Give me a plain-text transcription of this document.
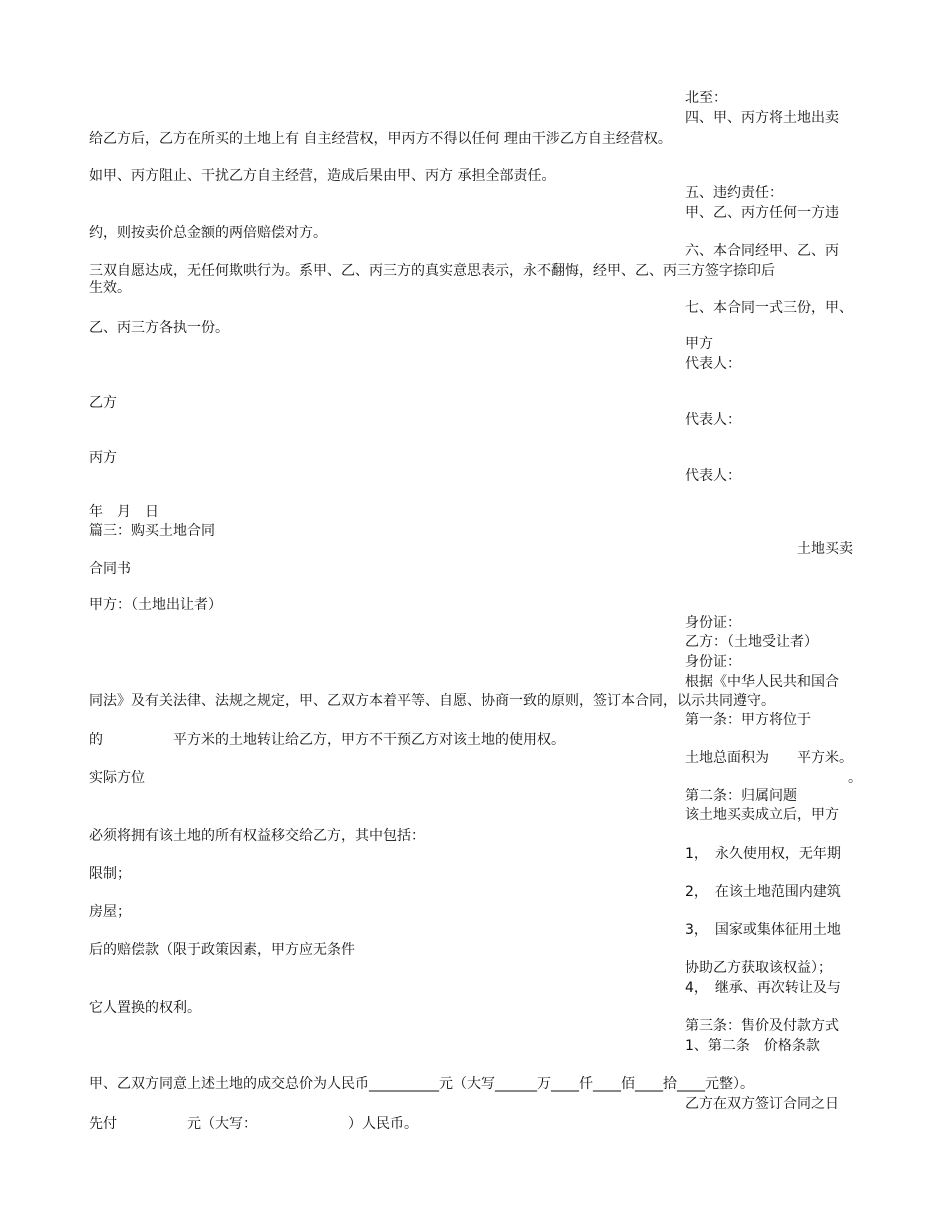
北至：
四、甲、丙方将土地出卖
给乙方后，乙方在所买的土地上有 自主经营权，甲丙方不得以任何 理由干涉乙方自主经营权。
如甲、丙方阻止、干扰乙方自主经营，造成后果由甲、丙方 承担全部责任。
五、违约责任：
甲、乙、丙方任何一方违
约，则按卖价总金额的两倍赔偿对方。
六、本合同经甲、乙、丙
三双自愿达成，无任何欺哄行为。系甲、乙、丙三方的真实意思表示，永不翻悔，经甲、乙、丙三方签字捺印后
生效。
七、本合同一式三份，甲、
乙、丙三方各执一份。
甲方
代表人：
乙方
代表人：
丙方
代表人：
年　月　日
篇三：购买土地合同
土地买卖
合同书
甲方：（土地出让者）
身份证：
乙方：（土地受让者）
身份证：
根据《中华人民共和国合
同法》及有关法律、法规之规定，甲、乙双方本着平等、自愿、协商一致的原则，签订本合同，以示共同遵守。
第一条：甲方将位于
的　　　　　平方米的土地转让给乙方，甲方不干预乙方对该土地的使用权。
土地总面积为　　平方米。
实际方位	。
第二条：归属问题
该土地买卖成立后，甲方
必须将拥有该土地的所有权益移交给乙方，其中包括：
1，　永久使用权，无年期
限制；
2，　在该土地范围内建筑
房屋；
3，　国家或集体征用土地
后的赔偿款（限于政策因素，甲方应无条件
协助乙方获取该权益）；
4，　继承、再次转让及与
它人置换的权利。
第三条：售价及付款方式
1、第二条　价格条款
甲、乙双方同意上述土地的成交总价为人民币__________元（大写______万____仟____佰____拾____元整）。
乙方在双方签订合同之日
先付　　　　　元（大写：　　　　　　　）人民币。
